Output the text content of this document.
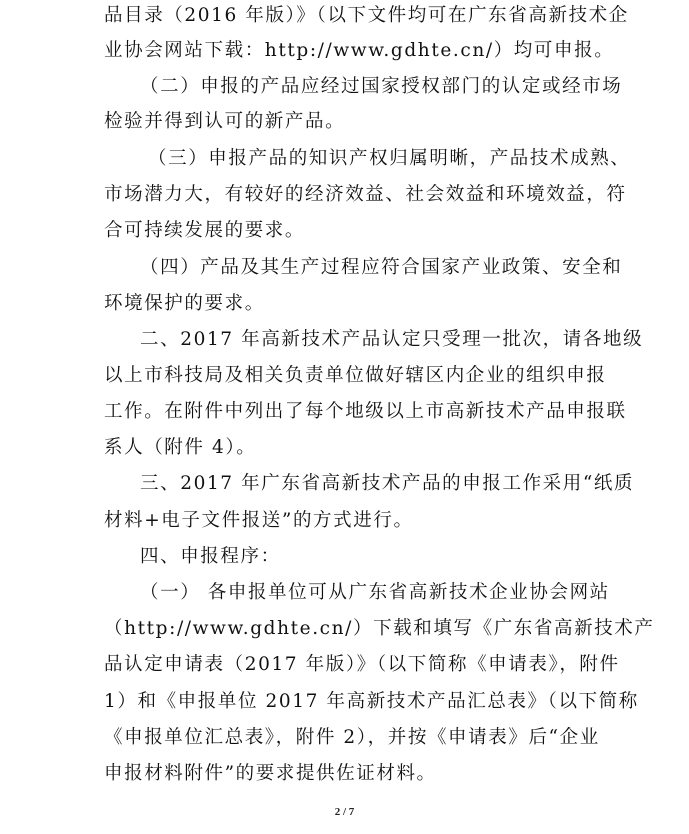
品目录（2016 年版）》（以下文件均可在广东省高新技术企
业协会网站下载：http://www.gdhte.cn/）均可申报。
（二）申报的产品应经过国家授权部门的认定或经市场
检验并得到认可的新产品。
（三）申报产品的知识产权归属明晰，产品技术成熟、
市场潜力大，有较好的经济效益、社会效益和环境效益，符
合可持续发展的要求。
（四）产品及其生产过程应符合国家产业政策、安全和
环境保护的要求。
二、2017 年高新技术产品认定只受理一批次，请各地级
以上市科技局及相关负责单位做好辖区内企业的组织申报
工作。在附件中列出了每个地级以上市高新技术产品申报联
系人（附件 4）。
三、2017 年广东省高新技术产品的申报工作采用“纸质
材料+电子文件报送”的方式进行。
四、申报程序：
（一） 各申报单位可从广东省高新技术企业协会网站
（http://www.gdhte.cn/）下载和填写《广东省高新技术产
品认定申请表（2017 年版）》（以下简称《申请表》，附件
1）和《申报单位 2017 年高新技术产品汇总表》（以下简称
《申报单位汇总表》，附件 2），并按《申请表》后“企业
申报材料附件”的要求提供佐证材料。
2 / 7
